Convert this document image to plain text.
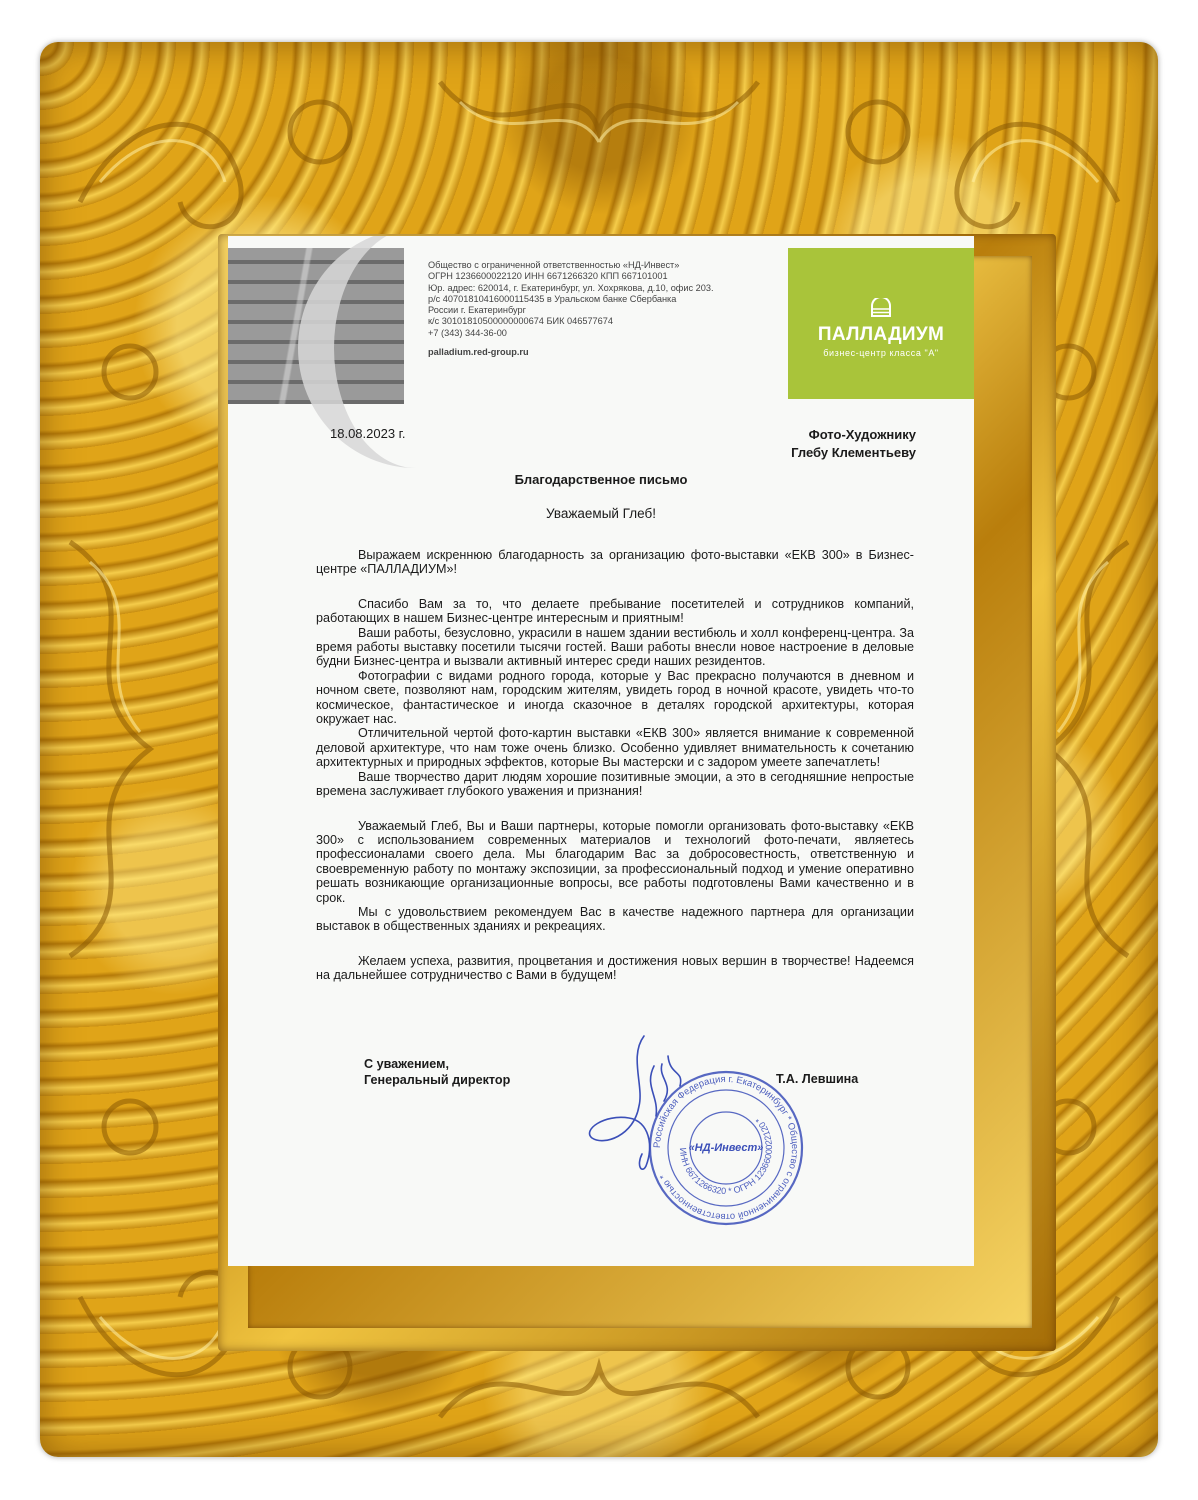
Общество с ограниченной ответственностью «НД-Инвест»
ОГРН 1236600022120 ИНН 6671266320 КПП 667101001
Юр. адрес: 620014, г. Екатеринбург, ул. Хохрякова, д.10, офис 203.
р/с 40701810416000115435 в Уральском банке Сбербанка
России г. Екатеринбург
к/с 30101810500000000674 БИК 046577674
+7 (343) 344-36-00
palladium.red-group.ru
ПАЛЛАДИУМ
бизнес-центр класса "А"
18.08.2023 г.	Фото-Художнику
Глебу Клементьеву
Благодарственное письмо
Уважаемый Глеб!

Выражаем искреннюю благодарность за организацию фото-выставки «ЕКВ 300» в Бизнес-центре «ПАЛЛАДИУМ»!

Спасибо Вам за то, что делаете пребывание посетителей и сотрудников компаний, работающих в нашем Бизнес-центре интересным и приятным!

Ваши работы, безусловно, украсили в нашем здании вестибюль и холл конференц-центра. За время работы выставку посетили тысячи гостей. Ваши работы внесли новое настроение в деловые будни Бизнес-центра и вызвали активный интерес среди наших резидентов.

Фотографии с видами родного города, которые у Вас прекрасно получаются в дневном и ночном свете, позволяют нам, городским жителям, увидеть город в ночной красоте, увидеть что-то космическое, фантастическое и иногда сказочное в деталях городской архитектуры, которая окружает нас.

Отличительной чертой фото-картин выставки «ЕКВ 300» является внимание к современной деловой архитектуре, что нам тоже очень близко. Особенно удивляет внимательность к сочетанию архитектурных и природных эффектов, которые Вы мастерски и с задором умеете запечатлеть!

Ваше творчество дарит людям хорошие позитивные эмоции, а это в сегодняшние непростые времена заслуживает глубокого уважения и признания!

Уважаемый Глеб, Вы и Ваши партнеры, которые помогли организовать фото-выставку «ЕКВ 300» с использованием современных материалов и технологий фото-печати, являетесь профессионалами своего дела. Мы благодарим Вас за добросовестность, ответственную и своевременную работу по монтажу экспозиции, за профессиональный подход и умение оперативно решать возникающие организационные вопросы, все работы подготовлены Вами качественно и в срок.

Мы с удовольствием рекомендуем Вас в качестве надежного партнера для организации выставок в общественных зданиях и рекреациях.

Желаем успеха, развития, процветания и достижения новых вершин в творчестве! Надеемся на дальнейшее сотрудничество с Вами в будущем!

С уважением,
Генеральный директор	Т.А. Левшина
Российская Федерация г. Екатеринбург * Общество с ограниченной ответственностью *
ИНН 6671266320 * ОГРН 1236600022120 *
«НД-Инвест»
